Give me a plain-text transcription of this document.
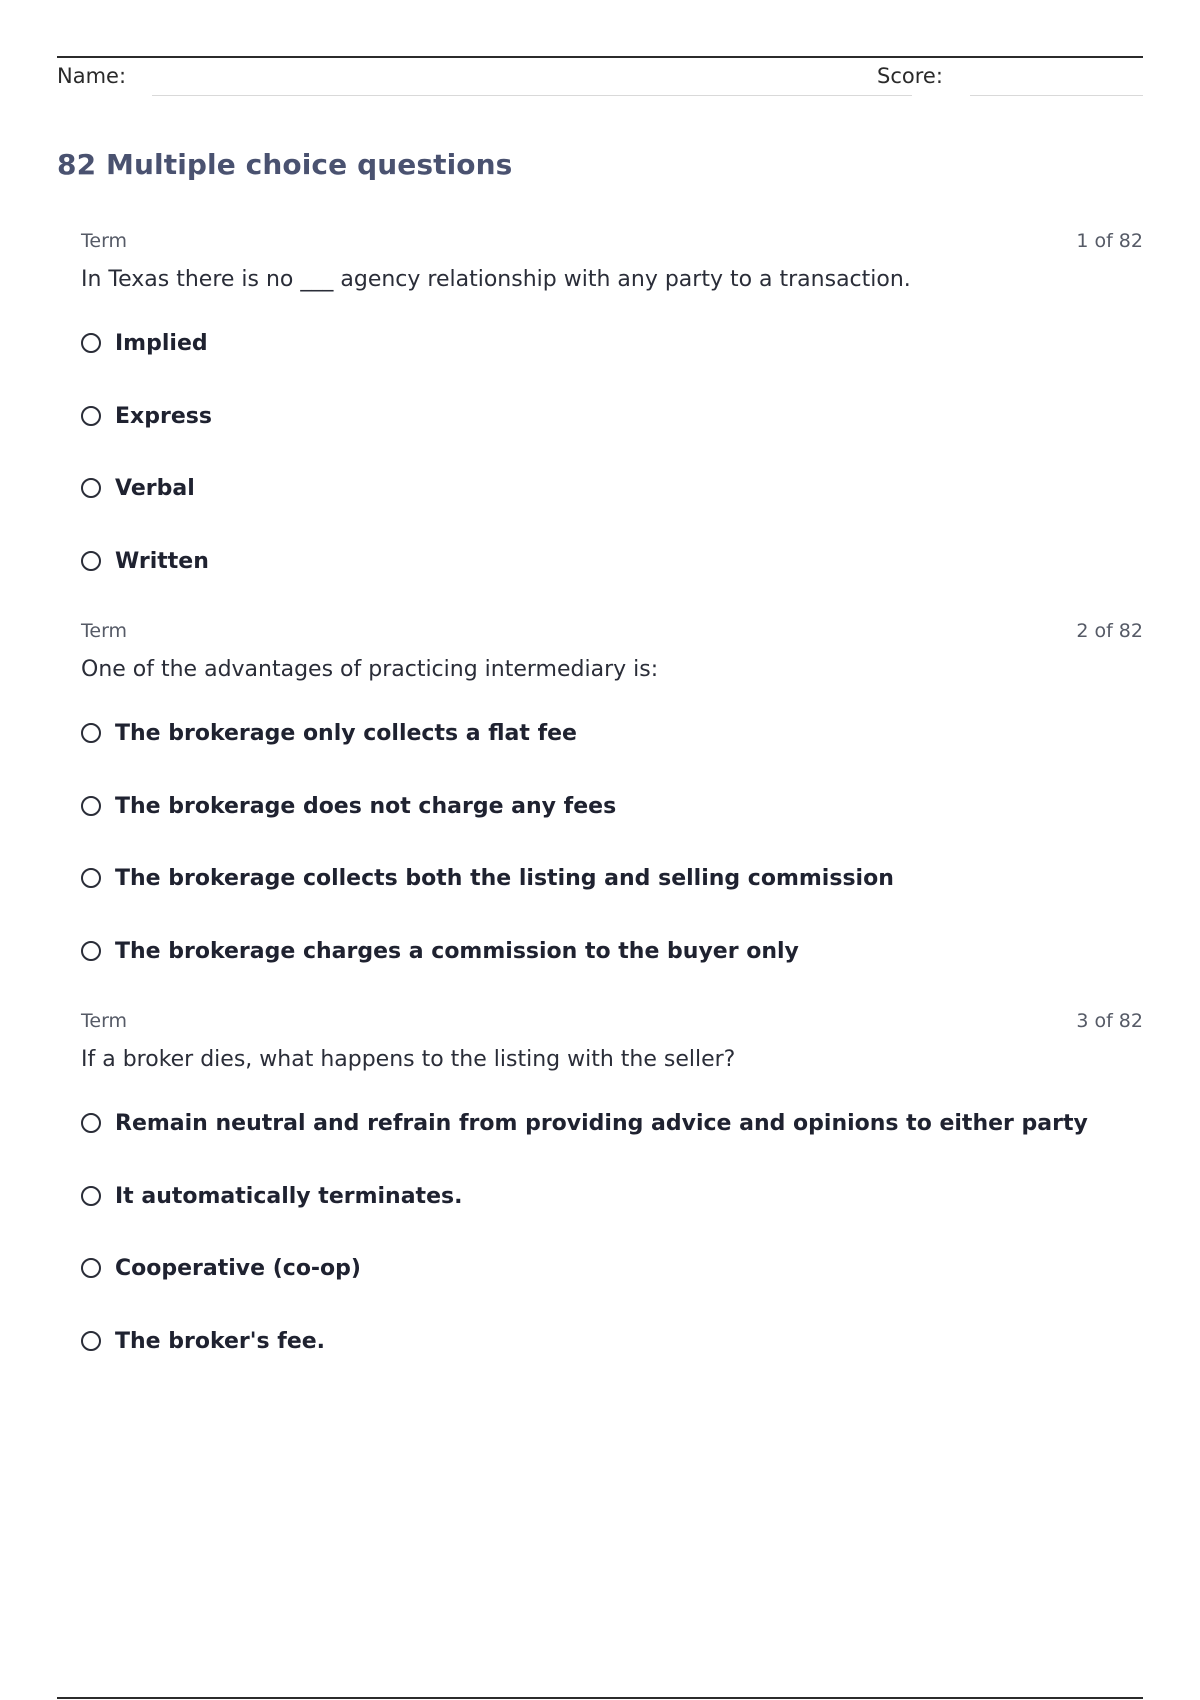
Name:	Score:
82 Multiple choice questions
Term	1 of 82
In Texas there is no ___ agency relationship with any party to a transaction.
Implied
Express
Verbal
Written
Term	2 of 82
One of the advantages of practicing intermediary is:
The brokerage only collects a flat fee
The brokerage does not charge any fees
The brokerage collects both the listing and selling commission
The brokerage charges a commission to the buyer only
Term	3 of 82
If a broker dies, what happens to the listing with the seller?
Remain neutral and refrain from providing advice and opinions to either party
It automatically terminates.
Cooperative (co-op)
The broker's fee.
